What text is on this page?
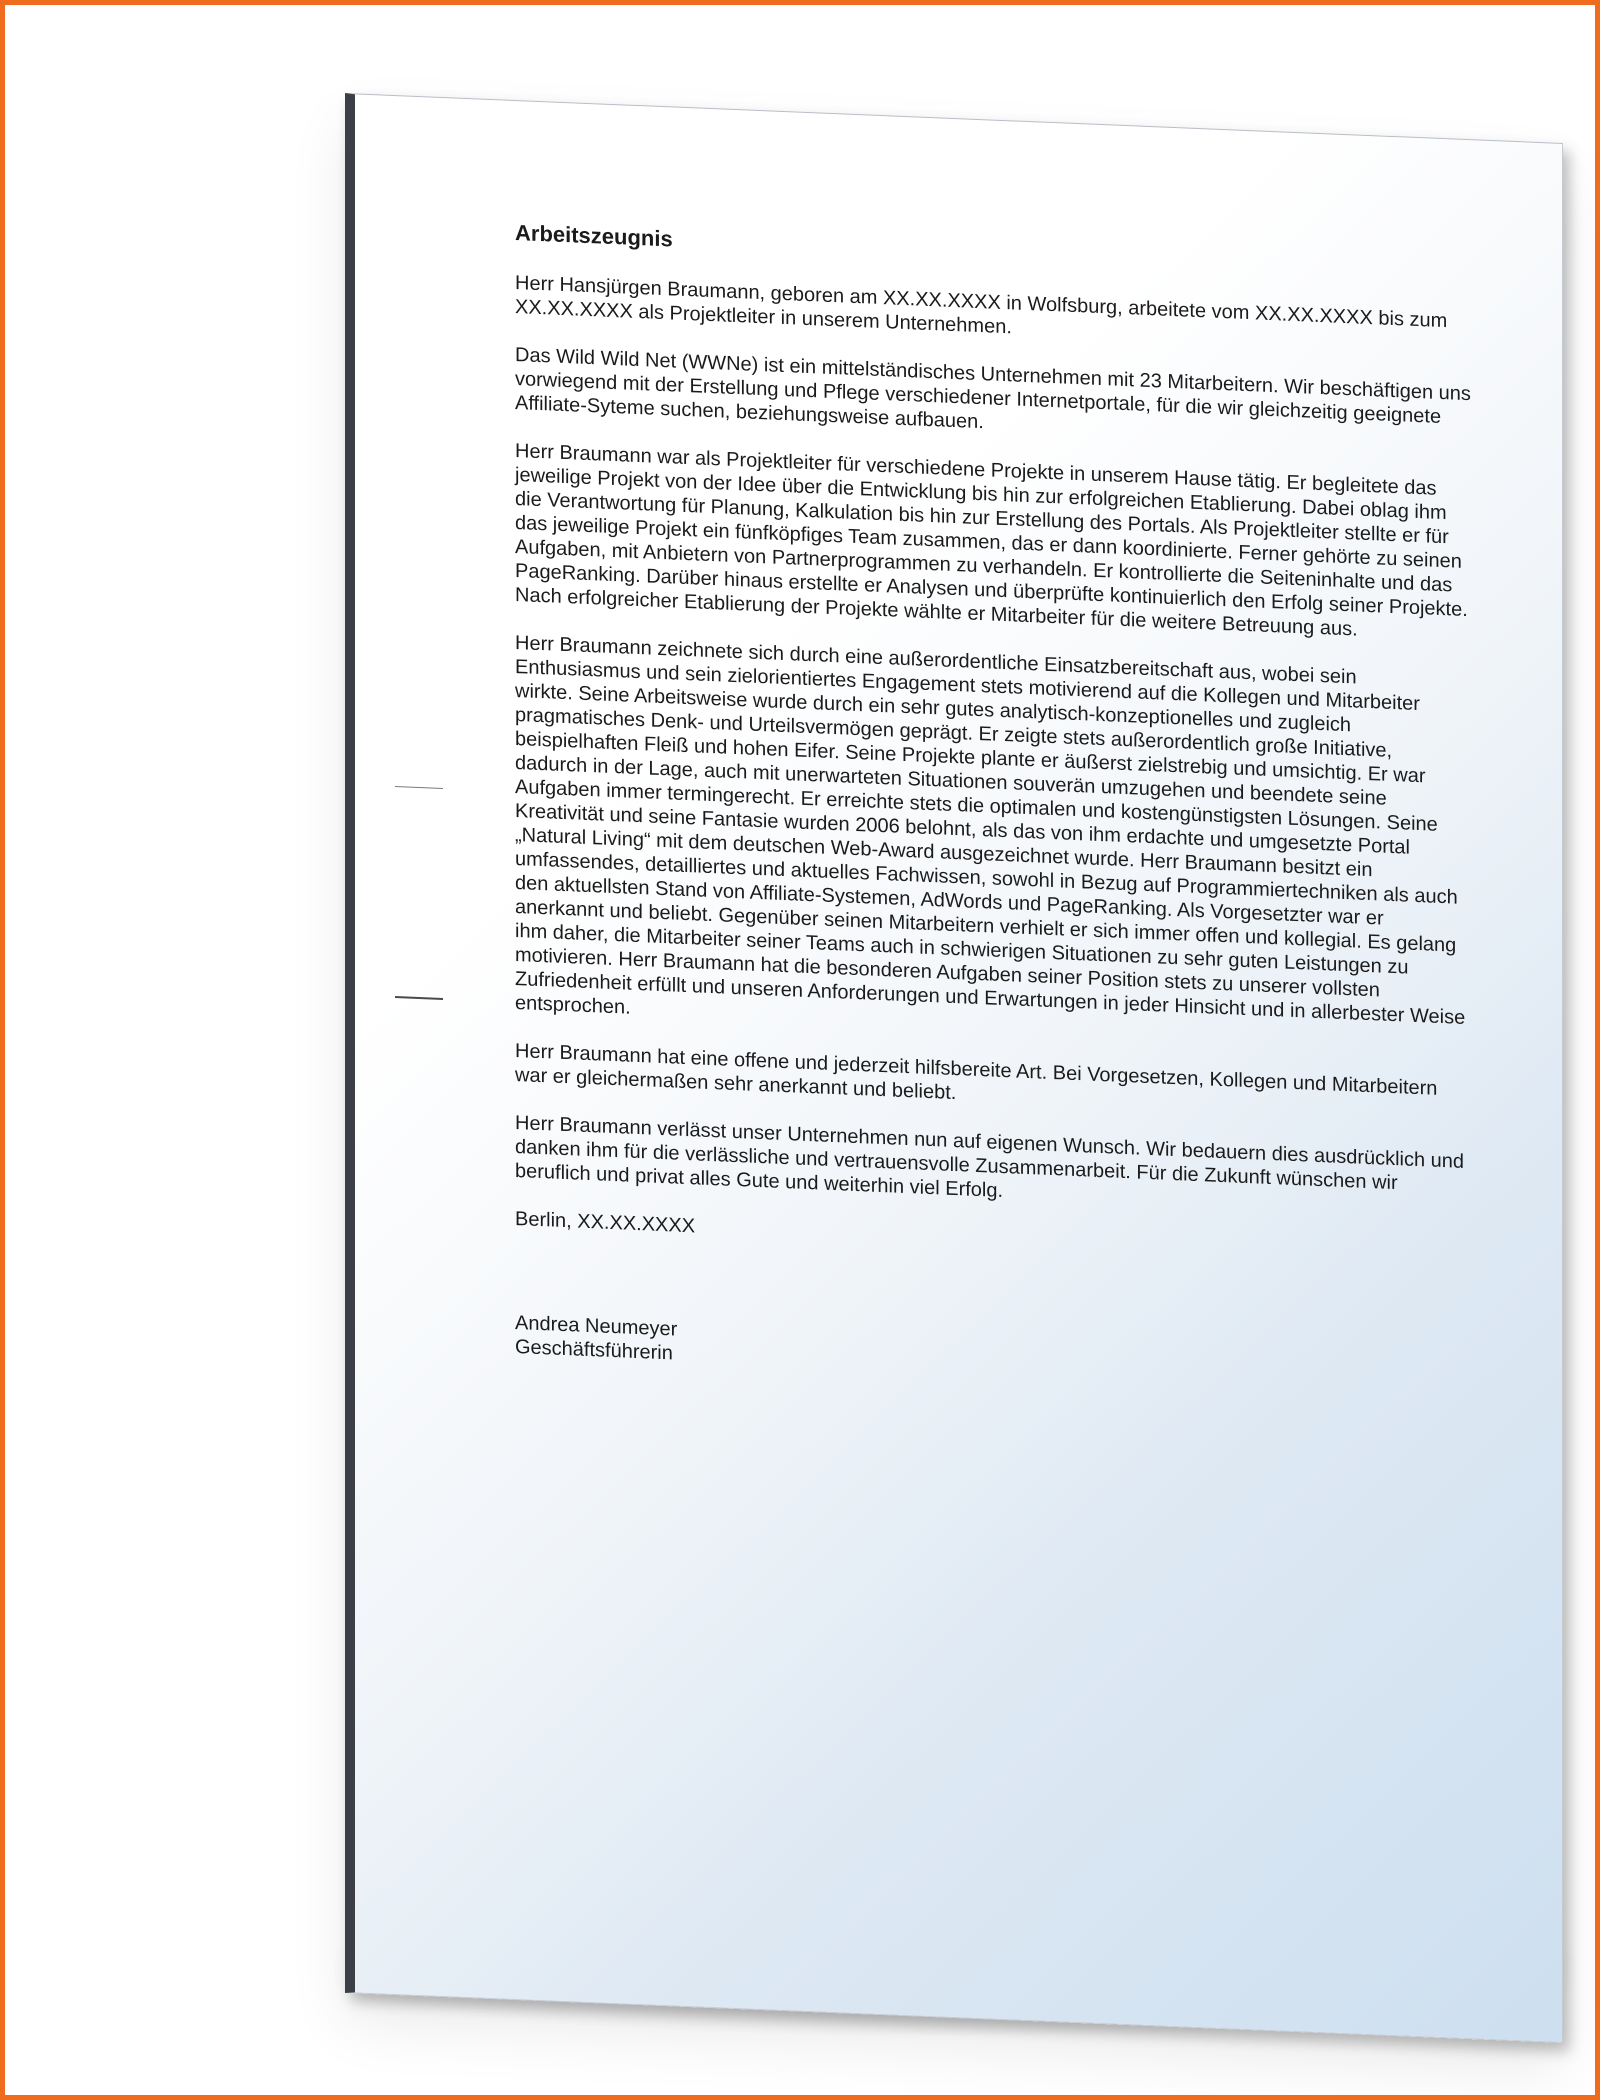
Arbeitszeugnis

Herr Hansjürgen Braumann, geboren am XX.XX.XXXX in Wolfsburg, arbeitete vom XX.XX.XXXX bis zum XX.XX.XXXX als Projektleiter in unserem Unternehmen.

Das Wild Wild Net (WWNe) ist ein mittelständisches Unternehmen mit 23 Mitarbeitern. Wir beschäftigen uns vorwiegend mit der Erstellung und Pflege verschiedener Internetportale, für die wir gleichzeitig geeignete Affiliate-Syteme suchen, beziehungsweise aufbauen.

Herr Braumann war als Projektleiter für verschiedene Projekte in unserem Hause tätig. Er begleitete das jeweilige Projekt von der Idee über die Entwicklung bis hin zur erfolgreichen Etablierung. Dabei oblag ihm die Verantwortung für Planung, Kalkulation bis hin zur Erstellung des Portals. Als Projektleiter stellte er für das jeweilige Projekt ein fünfköpfiges Team zusammen, das er dann koordinierte. Ferner gehörte zu seinen Aufgaben, mit Anbietern von Partnerprogrammen zu verhandeln. Er kontrollierte die Seiteninhalte und das PageRanking. Darüber hinaus erstellte er Analysen und überprüfte kontinuierlich den Erfolg seiner Projekte. Nach erfolgreicher Etablierung der Projekte wählte er Mitarbeiter für die weitere Betreuung aus.

Herr Braumann zeichnete sich durch eine außerordentliche Einsatzbereitschaft aus, wobei sein Enthusiasmus und sein zielorientiertes Engagement stets motivierend auf die Kollegen und Mitarbeiter wirkte. Seine Arbeitsweise wurde durch ein sehr gutes analytisch-konzeptionelles und zugleich pragmatisches Denk- und Urteilsvermögen geprägt. Er zeigte stets außerordentlich große Initiative, beispielhaften Fleiß und hohen Eifer. Seine Projekte plante er äußerst zielstrebig und umsichtig. Er war dadurch in der Lage, auch mit unerwarteten Situationen souverän umzugehen und beendete seine Aufgaben immer termingerecht. Er erreichte stets die optimalen und kostengünstigsten Lösungen. Seine Kreativität und seine Fantasie wurden 2006 belohnt, als das von ihm erdachte und umgesetzte Portal „Natural Living“ mit dem deutschen Web-Award ausgezeichnet wurde. Herr Braumann besitzt ein umfassendes, detailliertes und aktuelles Fachwissen, sowohl in Bezug auf Programmiertechniken als auch den aktuellsten Stand von Affiliate-Systemen, AdWords und PageRanking. Als Vorgesetzter war er anerkannt und beliebt. Gegenüber seinen Mitarbeitern verhielt er sich immer offen und kollegial. Es gelang ihm daher, die Mitarbeiter seiner Teams auch in schwierigen Situationen zu sehr guten Leistungen zu motivieren. Herr Braumann hat die besonderen Aufgaben seiner Position stets zu unserer vollsten Zufriedenheit erfüllt und unseren Anforderungen und Erwartungen in jeder Hinsicht und in allerbester Weise entsprochen.

Herr Braumann hat eine offene und jederzeit hilfsbereite Art. Bei Vorgesetzen, Kollegen und Mitarbeitern war er gleichermaßen sehr anerkannt und beliebt.

Herr Braumann verlässt unser Unternehmen nun auf eigenen Wunsch. Wir bedauern dies ausdrücklich und danken ihm für die verlässliche und vertrauensvolle Zusammenarbeit. Für die Zukunft wünschen wir beruflich und privat alles Gute und weiterhin viel Erfolg.

Berlin, XX.XX.XXXX

Andrea Neumeyer

Geschäftsführerin
